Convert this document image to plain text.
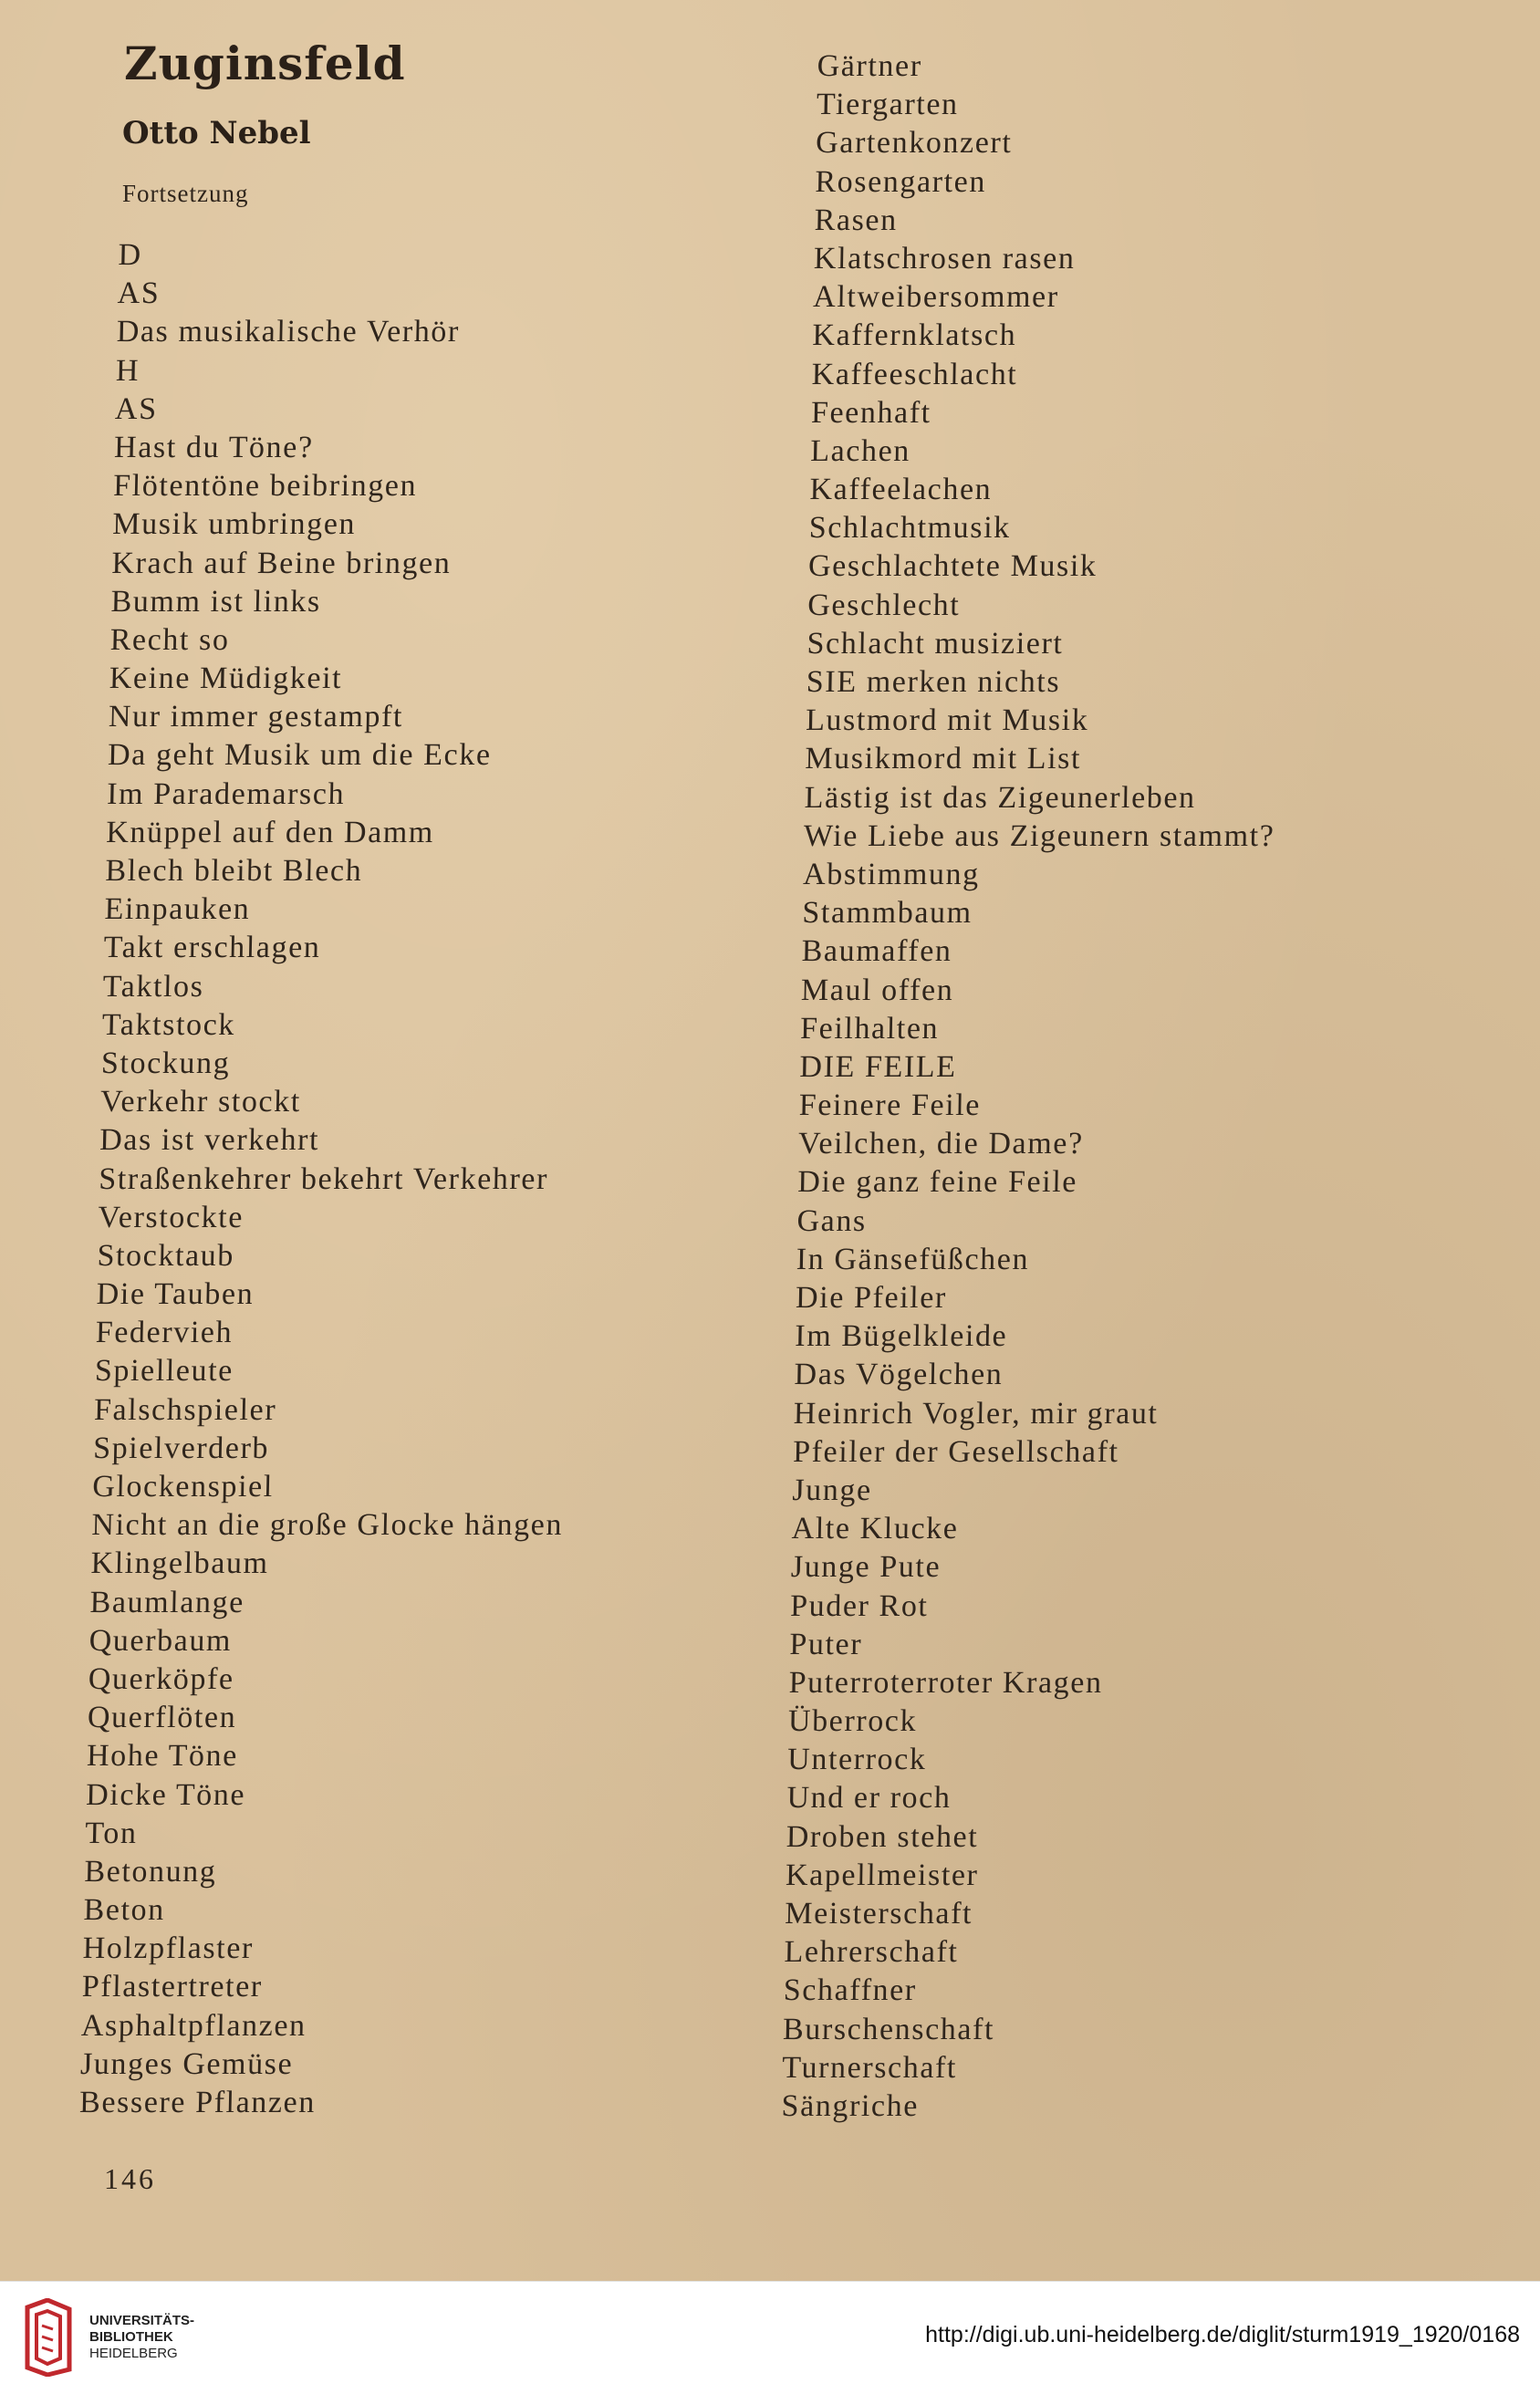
Zuginsfeld
Otto Nebel
Fortsetzung
D
AS
Das musikalische Verhör
H
AS
Hast du Töne?
Flötentöne beibringen
Musik umbringen
Krach auf Beine bringen
Bumm ist links
Recht so
Keine Müdigkeit
Nur immer gestampft
Da geht Musik um die Ecke
Im Parademarsch
Knüppel auf den Damm
Blech bleibt Blech
Einpauken
Takt erschlagen
Taktlos
Taktstock
Stockung
Verkehr stockt
Das ist verkehrt
Straßenkehrer bekehrt Verkehrer
Verstockte
Stocktaub
Die Tauben
Federvieh
Spielleute
Falschspieler
Spielverderb
Glockenspiel
Nicht an die große Glocke hängen
Klingelbaum
Baumlange
Querbaum
Querköpfe
Querflöten
Hohe Töne
Dicke Töne
Ton
Betonung
Beton
Holzpflaster
Pflastertreter
Asphaltpflanzen
Junges Gemüse
Bessere Pflanzen
Gärtner
Tiergarten
Gartenkonzert
Rosengarten
Rasen
Klatschrosen rasen
Altweibersommer
Kaffernklatsch
Kaffeeschlacht
Feenhaft
Lachen
Kaffeelachen
Schlachtmusik
Geschlachtete Musik
Geschlecht
Schlacht musiziert
SIE merken nichts
Lustmord mit Musik
Musikmord mit List
Lästig ist das Zigeunerleben
Wie Liebe aus Zigeunern stammt?
Abstimmung
Stammbaum
Baumaffen
Maul offen
Feilhalten
DIE FEILE
Feinere Feile
Veilchen, die Dame?
Die ganz feine Feile
Gans
In Gänsefüßchen
Die Pfeiler
Im Bügelkleide
Das Vögelchen
Heinrich Vogler, mir graut
Pfeiler der Gesellschaft
Junge
Alte Klucke
Junge Pute
Puder Rot
Puter
Puterroterroter Kragen
Überrock
Unterrock
Und er roch
Droben stehet
Kapellmeister
Meisterschaft
Lehrerschaft
Schaffner
Burschenschaft
Turnerschaft
Sängriche
146
UNIVERSITÄTS-
BIBLIOTHEK
HEIDELBERG
http://digi.ub.uni-heidelberg.de/diglit/sturm1919_1920/0168
